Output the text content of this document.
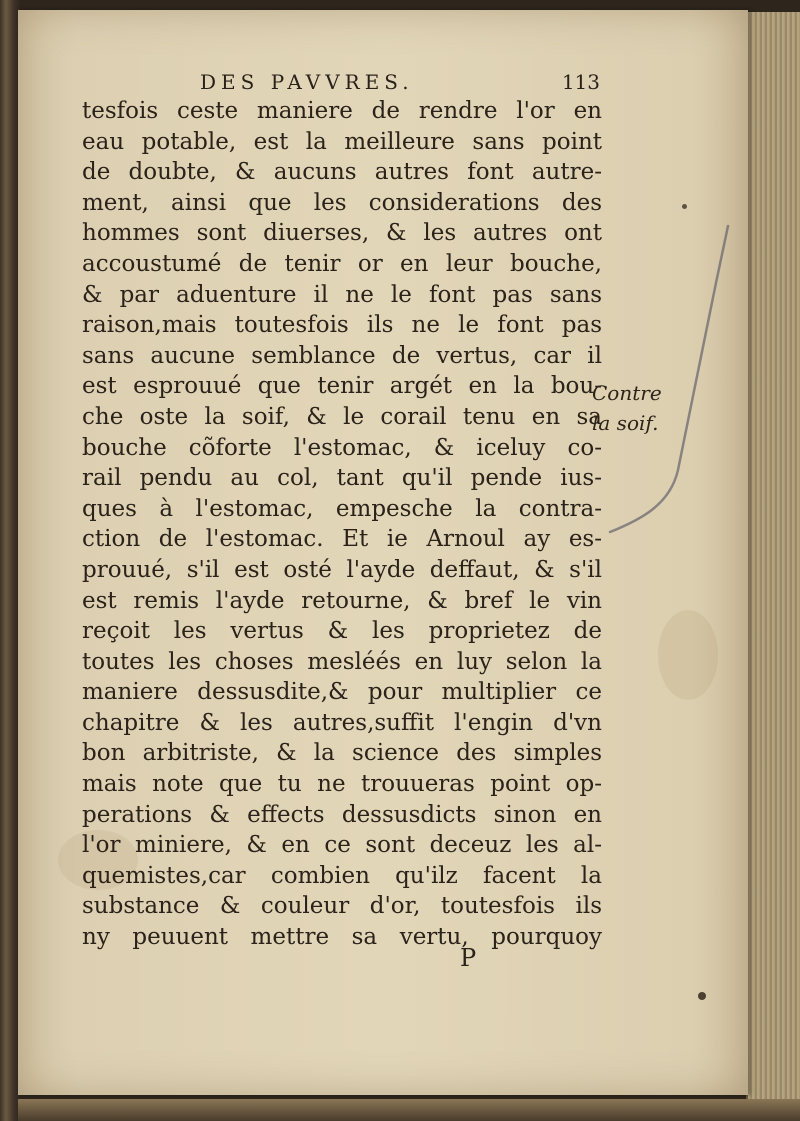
DES PAVVRES.	113
tesfois ceste maniere de rendre l'or en
eau potable, est la meilleure sans point
de doubte, & aucuns autres font autre-
ment, ainsi que les considerations des
hommes sont diuerses, & les autres ont
accoustumé de tenir or en leur bouche,
& par aduenture il ne le font pas sans
raison,mais toutesfois ils ne le font pas
sans aucune semblance de vertus, car il
est esprouué que tenir argét en la bou-
che oste la soif, & le corail tenu en sa
bouche cõforte l'estomac, & iceluy co-
rail pendu au col, tant qu'il pende ius-
ques à l'estomac, empesche la contra-
ction de l'estomac. Et ie Arnoul ay es-
prouué, s'il est osté l'ayde deffaut, & s'il
est remis l'ayde retourne, & bref le vin
reçoit les vertus & les proprietez de
toutes les choses mesléés en luy selon la
maniere dessusdite,& pour multiplier ce
chapitre & les autres,suffit l'engin d'vn
bon arbitriste, & la science des simples
mais note que tu ne trouueras point op-
perations & effects dessusdicts sinon en
l'or miniere, & en ce sont deceuz les al-
quemistes,car combien qu'ilz facent la
substance & couleur d'or, toutesfois ils
ny peuuent mettre sa vertu, pourquoy
Contre
la soif.
P
